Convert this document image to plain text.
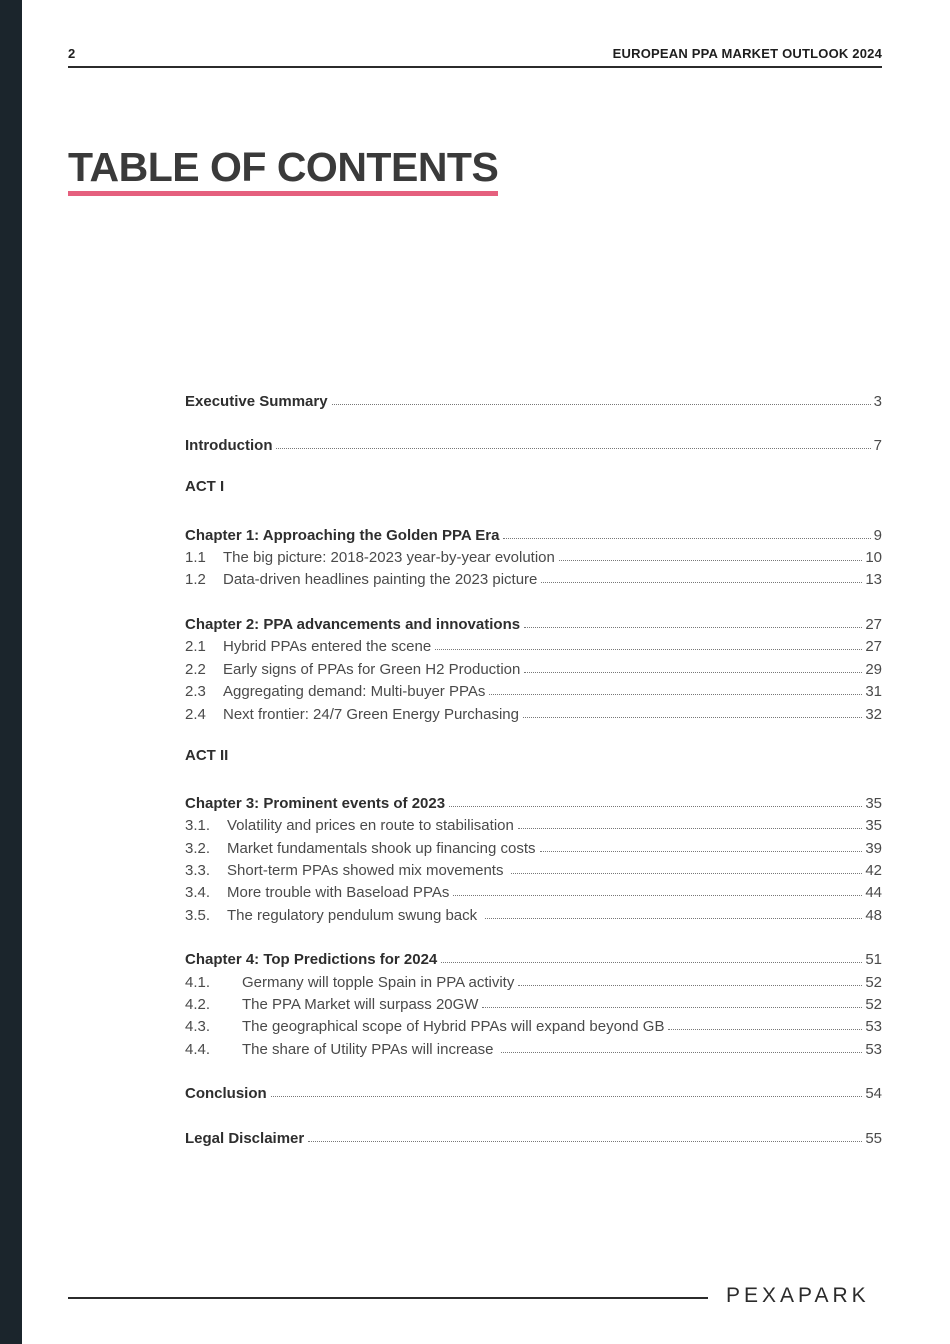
2	EUROPEAN PPA MARKET OUTLOOK 2024
TABLE OF CONTENTS
Executive Summary	3
Introduction	7
ACT I
Chapter 1: Approaching the Golden PPA Era	9
1.1	The big picture: 2018-2023 year-by-year evolution	10
1.2	Data-driven headlines painting the 2023 picture	13
Chapter 2: PPA advancements and innovations	27
2.1	Hybrid PPAs entered the scene	27
2.2	Early signs of PPAs for Green H2 Production	29
2.3	Aggregating demand: Multi-buyer PPAs	31
2.4	Next frontier: 24/7 Green Energy Purchasing	32
ACT II
Chapter 3: Prominent events of 2023	35
3.1.	Volatility and prices en route to stabilisation	35
3.2.	Market fundamentals shook up financing costs	39
3.3.	Short-term PPAs showed mix movements	42
3.4.	More trouble with Baseload PPAs	44
3.5.	The regulatory pendulum swung back	48
Chapter 4: Top Predictions for 2024	51
4.1.	Germany will topple Spain in PPA activity	52
4.2.	The PPA Market will surpass 20GW	52
4.3.	The geographical scope of Hybrid PPAs will expand beyond GB	53
4.4.	The share of Utility PPAs will increase	53
Conclusion	54
Legal Disclaimer	55
PEXAPARK
